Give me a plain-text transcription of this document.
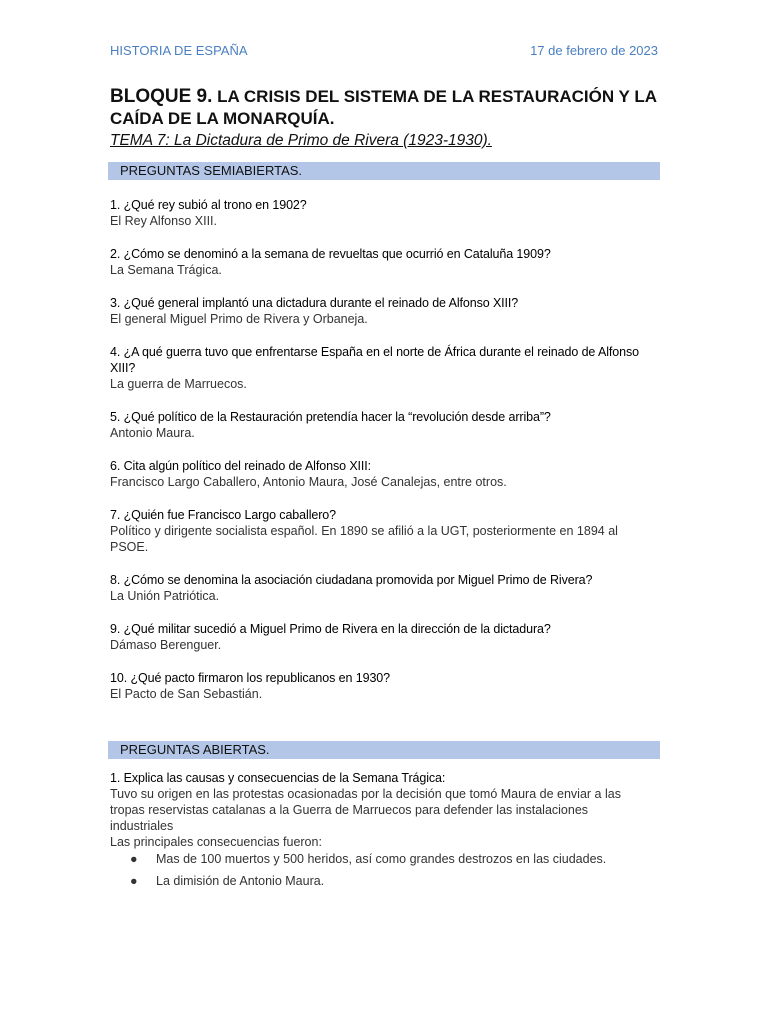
HISTORIA DE ESPAÑA	17 de febrero de 2023
BLOQUE 9. LA CRISIS DEL SISTEMA DE LA RESTAURACIÓN Y LA CAÍDA DE LA MONARQUÍA.
TEMA 7: La Dictadura de Primo de Rivera (1923-1930).
PREGUNTAS SEMIABIERTAS.
1. ¿Qué rey subió al trono en 1902?
El Rey Alfonso XIII.
2. ¿Cómo se denominó a la semana de revueltas que ocurrió en Cataluña 1909?
La Semana Trágica.
3. ¿Qué general implantó una dictadura durante el reinado de Alfonso XIII?
El general Miguel Primo de Rivera y Orbaneja.
4. ¿A qué guerra tuvo que enfrentarse España en el norte de África durante el reinado de Alfonso XIII?
La guerra de Marruecos.
5. ¿Qué político de la Restauración pretendía hacer la “revolución desde arriba”?
Antonio Maura.
6. Cita algún político del reinado de Alfonso XIII:
Francisco Largo Caballero, Antonio Maura, José Canalejas, entre otros.
7. ¿Quién fue Francisco Largo caballero?
Político y dirigente socialista español. En 1890 se afilió a la UGT, posteriormente en 1894 al PSOE.
8. ¿Cómo se denomina la asociación ciudadana promovida por Miguel Primo de Rivera?
La Unión Patriótica.
9. ¿Qué militar sucedió a Miguel Primo de Rivera en la dirección de la dictadura?
Dámaso Berenguer.
10. ¿Qué pacto firmaron los republicanos en 1930?
El Pacto de San Sebastián.
PREGUNTAS ABIERTAS.
1. Explica las causas y consecuencias de la Semana Trágica:
Tuvo su origen en las protestas ocasionadas por la decisión que tomó Maura de enviar a las tropas reservistas catalanas a la Guerra de Marruecos para defender las instalaciones industriales
Las principales consecuencias fueron:
● Mas de 100 muertos y 500 heridos, así como grandes destrozos en las ciudades.
● La dimisión de Antonio Maura.
